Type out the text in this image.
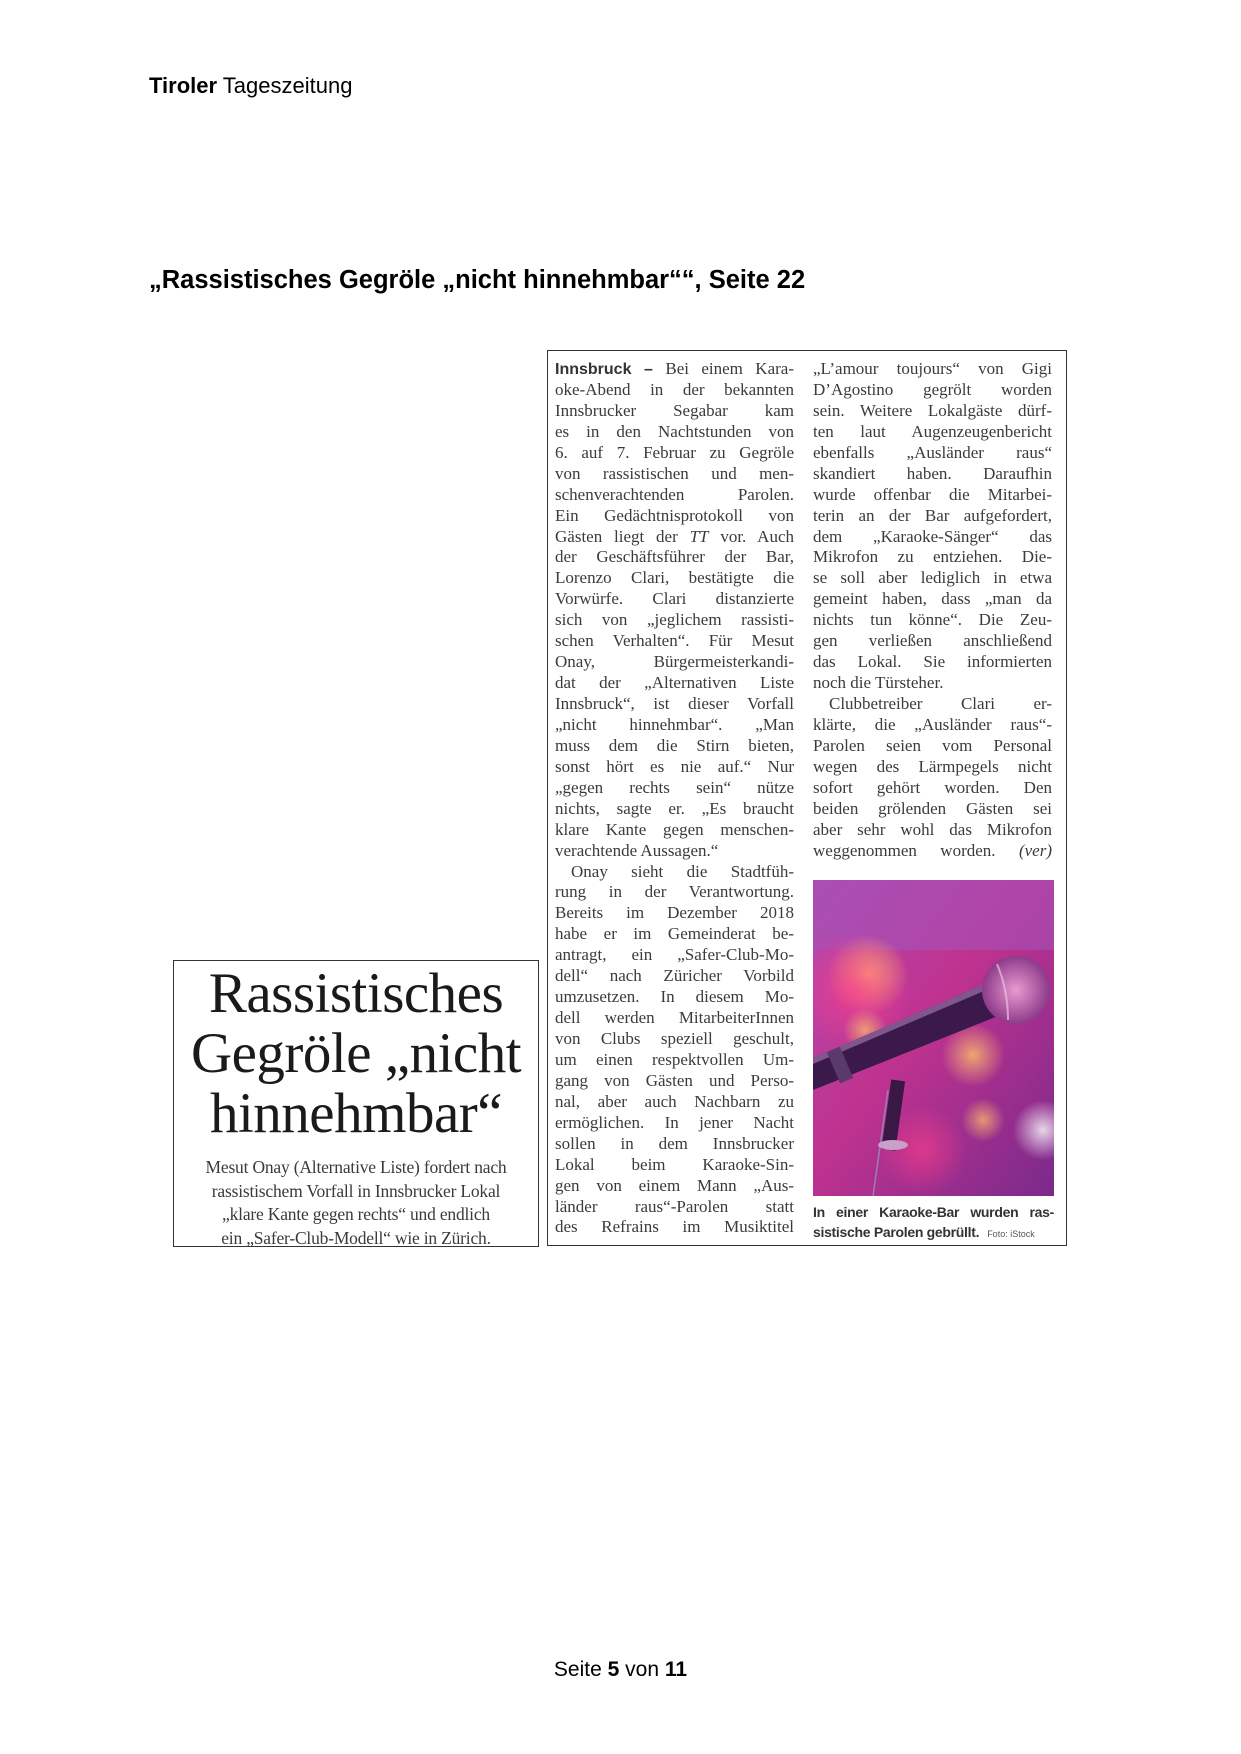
Tiroler Tageszeitung
„Rassistisches Gegröle „nicht hinnehmbar““, Seite 22
Rassistisches
Gegröle „nicht
hinnehmbar“
Mesut Onay (Alternative Liste) fordert nach
rassistischem Vorfall in Innsbrucker Lokal
„klare Kante gegen rechts“ und endlich
ein „Safer-Club-Modell“ wie in Zürich.
Innsbruck – Bei einem Kara-
oke-Abend in der bekannten
Innsbrucker Segabar kam
es in den Nachtstunden von
6. auf 7. Februar zu Gegröle
von rassistischen und men-
schenverachtenden Parolen.
Ein Gedächtnisprotokoll von
Gästen liegt der TT vor. Auch
der Geschäftsführer der Bar,
Lorenzo Clari, bestätigte die
Vorwürfe. Clari distanzierte
sich von „jeglichem rassisti-
schen Verhalten“. Für Mesut
Onay, Bürgermeisterkandi-
dat der „Alternativen Liste
Innsbruck“, ist dieser Vorfall
„nicht hinnehmbar“. „Man
muss dem die Stirn bieten,
sonst hört es nie auf.“ Nur
„gegen rechts sein“ nütze
nichts, sagte er. „Es braucht
klare Kante gegen menschen-
verachtende Aussagen.“
Onay sieht die Stadtfüh-
rung in der Verantwortung.
Bereits im Dezember 2018
habe er im Gemeinderat be-
antragt, ein „Safer-Club-Mo-
dell“ nach Züricher Vorbild
umzusetzen. In diesem Mo-
dell werden MitarbeiterInnen
von Clubs speziell geschult,
um einen respektvollen Um-
gang von Gästen und Perso-
nal, aber auch Nachbarn zu
ermöglichen. In jener Nacht
sollen in dem Innsbrucker
Lokal beim Karaoke-Sin-
gen von einem Mann „Aus-
länder raus“-Parolen statt
des Refrains im Musiktitel
„L’amour toujours“ von Gigi
D’Agostino gegrölt worden
sein. Weitere Lokalgäste dürf-
ten laut Augenzeugenbericht
ebenfalls „Ausländer raus“
skandiert haben. Daraufhin
wurde offenbar die Mitarbei-
terin an der Bar aufgefordert,
dem „Karaoke-Sänger“ das
Mikrofon zu entziehen. Die-
se soll aber lediglich in etwa
gemeint haben, dass „man da
nichts tun könne“. Die Zeu-
gen verließen anschließend
das Lokal. Sie informierten
noch die Türsteher.
Clubbetreiber Clari er-
klärte, die „Ausländer raus“-
Parolen seien vom Personal
wegen des Lärmpegels nicht
sofort gehört worden. Den
beiden grölenden Gästen sei
aber sehr wohl das Mikrofon
weggenommen worden. (ver)
In einer Karaoke-Bar wurden ras-
sistische Parolen gebrüllt. Foto: iStock
Seite 5 von 11
